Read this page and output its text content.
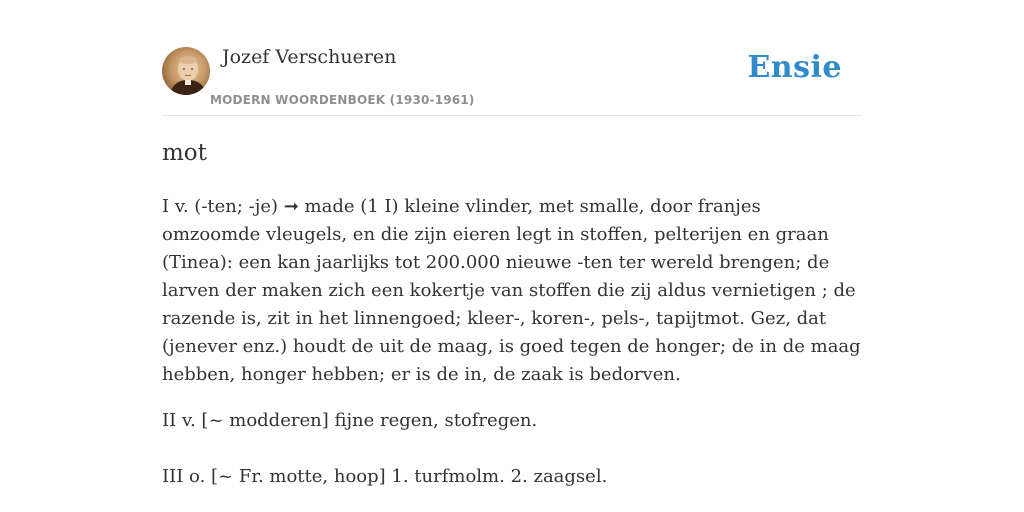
Jozef Verschueren
MODERN WOORDENBOEK (1930-1961)
Ensie
mot

I v. (-ten; -je) ➞ made (1 I) kleine vlinder, met smalle, door franjes omzoomde vleugels, en die zijn eieren legt in stoffen, pelterijen en graan (Tinea): een kan jaarlijks tot 200.000 nieuwe -ten ter wereld brengen; de larven der maken zich een kokertje van stoffen die zij aldus vernietigen ; de razende is, zit in het linnengoed; kleer-, koren-, pels-, tapijtmot. Gez, dat (jenever enz.) houdt de uit de maag, is goed tegen de honger; de in de maag hebben, honger hebben; er is de in, de zaak is bedorven.

II v. [~ modderen] fijne regen, stofregen.

III o. [~ Fr. motte, hoop] 1. turfmolm. 2. zaagsel.
